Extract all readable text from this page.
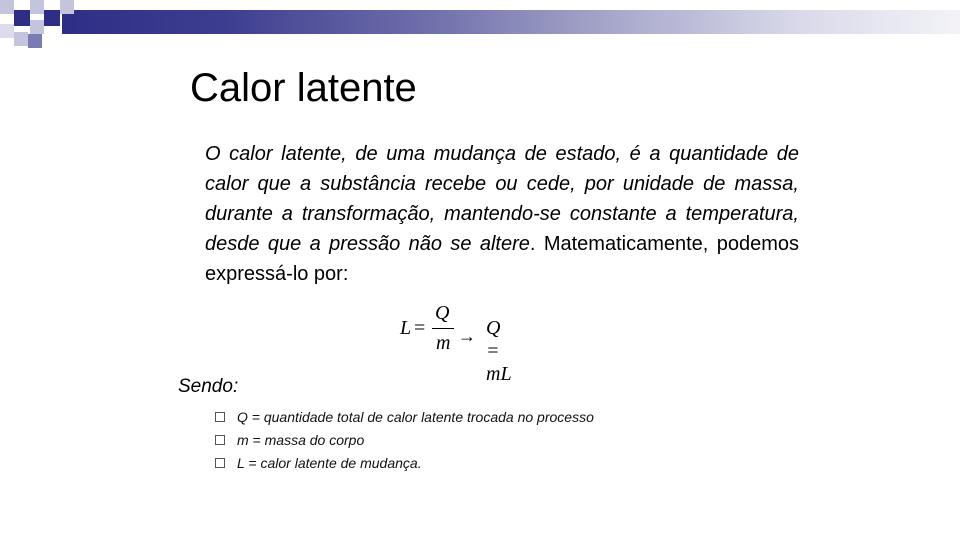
Calor latente

O calor latente, de uma mudança de estado, é a quantidade de calor que a substância recebe ou cede, por unidade de massa, durante a transformação, mantendo-se constante a temperatura, desde que a pressão não se altere. Matematicamente, podemos expressá-lo por:

L =
Q
m → Q = mL

Sendo:

Q = quantidade total de calor latente trocada no processo
m = massa do corpo
L = calor latente de mudança.
